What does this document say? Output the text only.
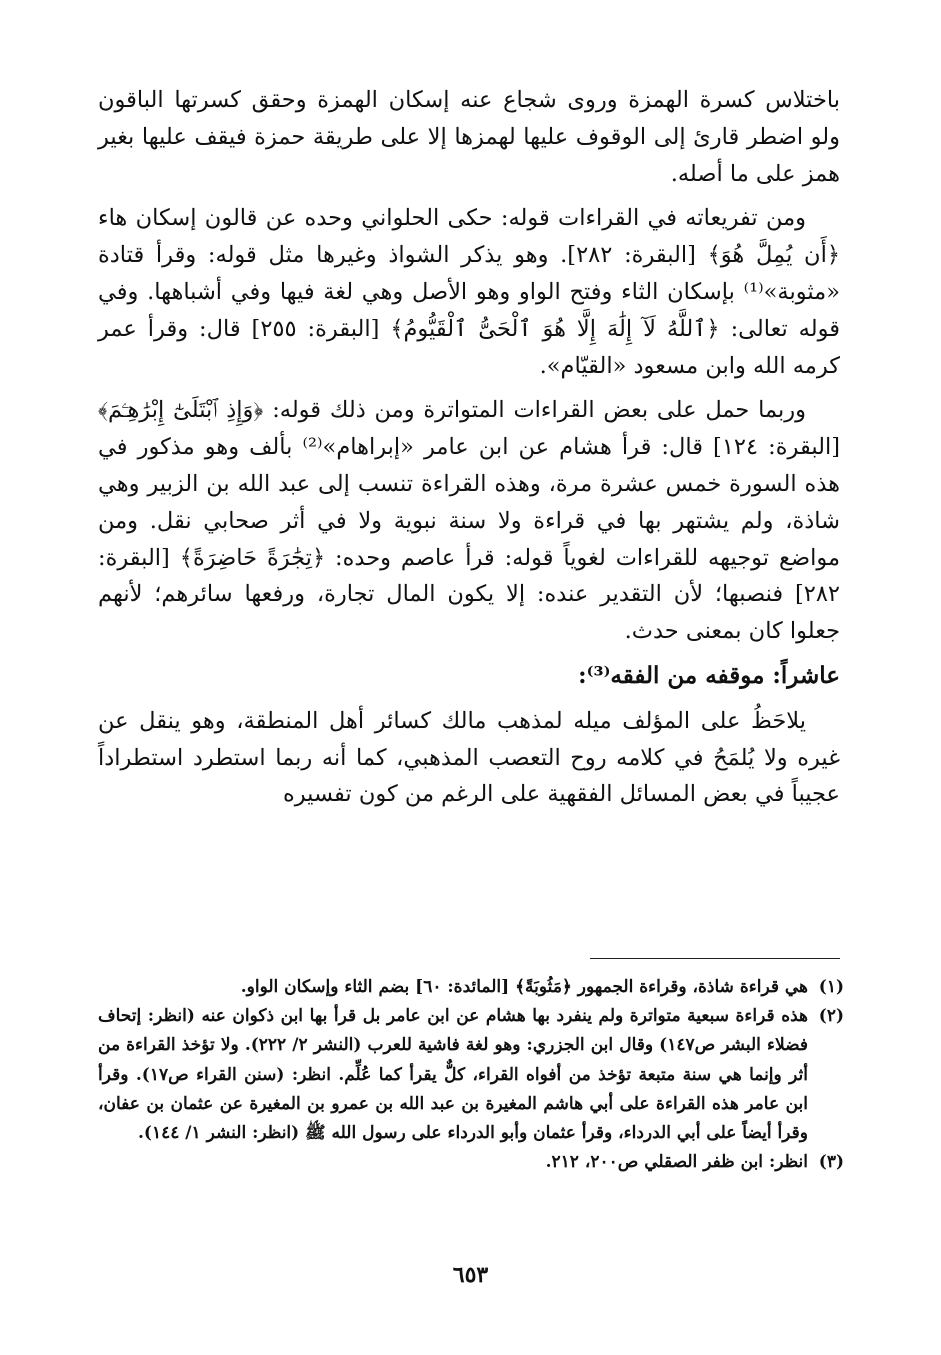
باختلاس كسرة الهمزة وروى شجاع عنه إسكان الهمزة وحقق كسرتها الباقون ولو اضطر قارئ إلى الوقوف عليها لهمزها إلا على طريقة حمزة فيقف عليها بغير همز على ما أصله.

ومن تفريعاته في القراءات قوله: حكى الحلواني وحده عن قالون إسكان هاء ﴿أَن يُمِلَّ هُوَ﴾ [البقرة: ٢٨٢]. وهو يذكر الشواذ وغيرها مثل قوله: وقرأ قتادة «مثوبة»⁽¹⁾ بإسكان الثاء وفتح الواو وهو الأصل وهي لغة فيها وفي أشباهها. وفي قوله تعالى: ﴿ٱللَّهُ لَآ إِلَٰهَ إِلَّا هُوَ ٱلْحَىُّ ٱلْقَيُّومُ﴾ [البقرة: ٢٥٥] قال: وقرأ عمر كرمه الله وابن مسعود «القيّام».

وربما حمل على بعض القراءات المتواترة ومن ذلك قوله: ﴿وَإِذِ ٱبْتَلَىٰٓ إِبْرَٰهِـۧمَ﴾ [البقرة: ١٢٤] قال: قرأ هشام عن ابن عامر «إبراهام»⁽²⁾ بألف وهو مذكور في هذه السورة خمس عشرة مرة، وهذه القراءة تنسب إلى عبد الله بن الزبير وهي شاذة، ولم يشتهر بها في قراءة ولا سنة نبوية ولا في أثر صحابي نقل. ومن مواضع توجيهه للقراءات لغوياً قوله: قرأ عاصم وحده: ﴿تِجَٰرَةً حَاضِرَةً﴾ [البقرة: ٢٨٢] فنصبها؛ لأن التقدير عنده: إلا يكون المال تجارة، ورفعها سائرهم؛ لأنهم جعلوا كان بمعنى حدث.

عاشراً: موقفه من الفقه⁽³⁾:

يلاحَظُ على المؤلف ميله لمذهب مالك كسائر أهل المنطقة، وهو ينقل عن غيره ولا يُلمَحُ في كلامه روح التعصب المذهبي، كما أنه ربما استطرد استطراداً عجيباً في بعض المسائل الفقهية على الرغم من كون تفسيره

(١)
هي قراءة شاذة، وقراءة الجمهور ﴿مَثُوبَةً﴾ [المائدة: ٦٠] بضم الثاء وإسكان الواو.
(٢)
هذه قراءة سبعية متواترة ولم ينفرد بها هشام عن ابن عامر بل قرأ بها ابن ذكوان عنه (انظر: إتحاف فضلاء البشر ص١٤٧) وقال ابن الجزري: وهو لغة فاشية للعرب (النشر ٢/ ٢٢٢). ولا تؤخذ القراءة من أثر وإنما هي سنة متبعة تؤخذ من أفواه القراء، كلٌّ يقرأ كما عُلِّم. انظر: (سنن القراء ص١٧). وقرأ ابن عامر هذه القراءة على أبي هاشم المغيرة بن عبد الله بن عمرو بن المغيرة عن عثمان بن عفان، وقرأ أيضاً على أبي الدرداء، وقرأ عثمان وأبو الدرداء على رسول الله ﷺ (انظر: النشر ١/ ١٤٤).
(٣)
انظر: ابن ظفر الصقلي ص٢٠٠، ٢١٢.
٦٥٣
